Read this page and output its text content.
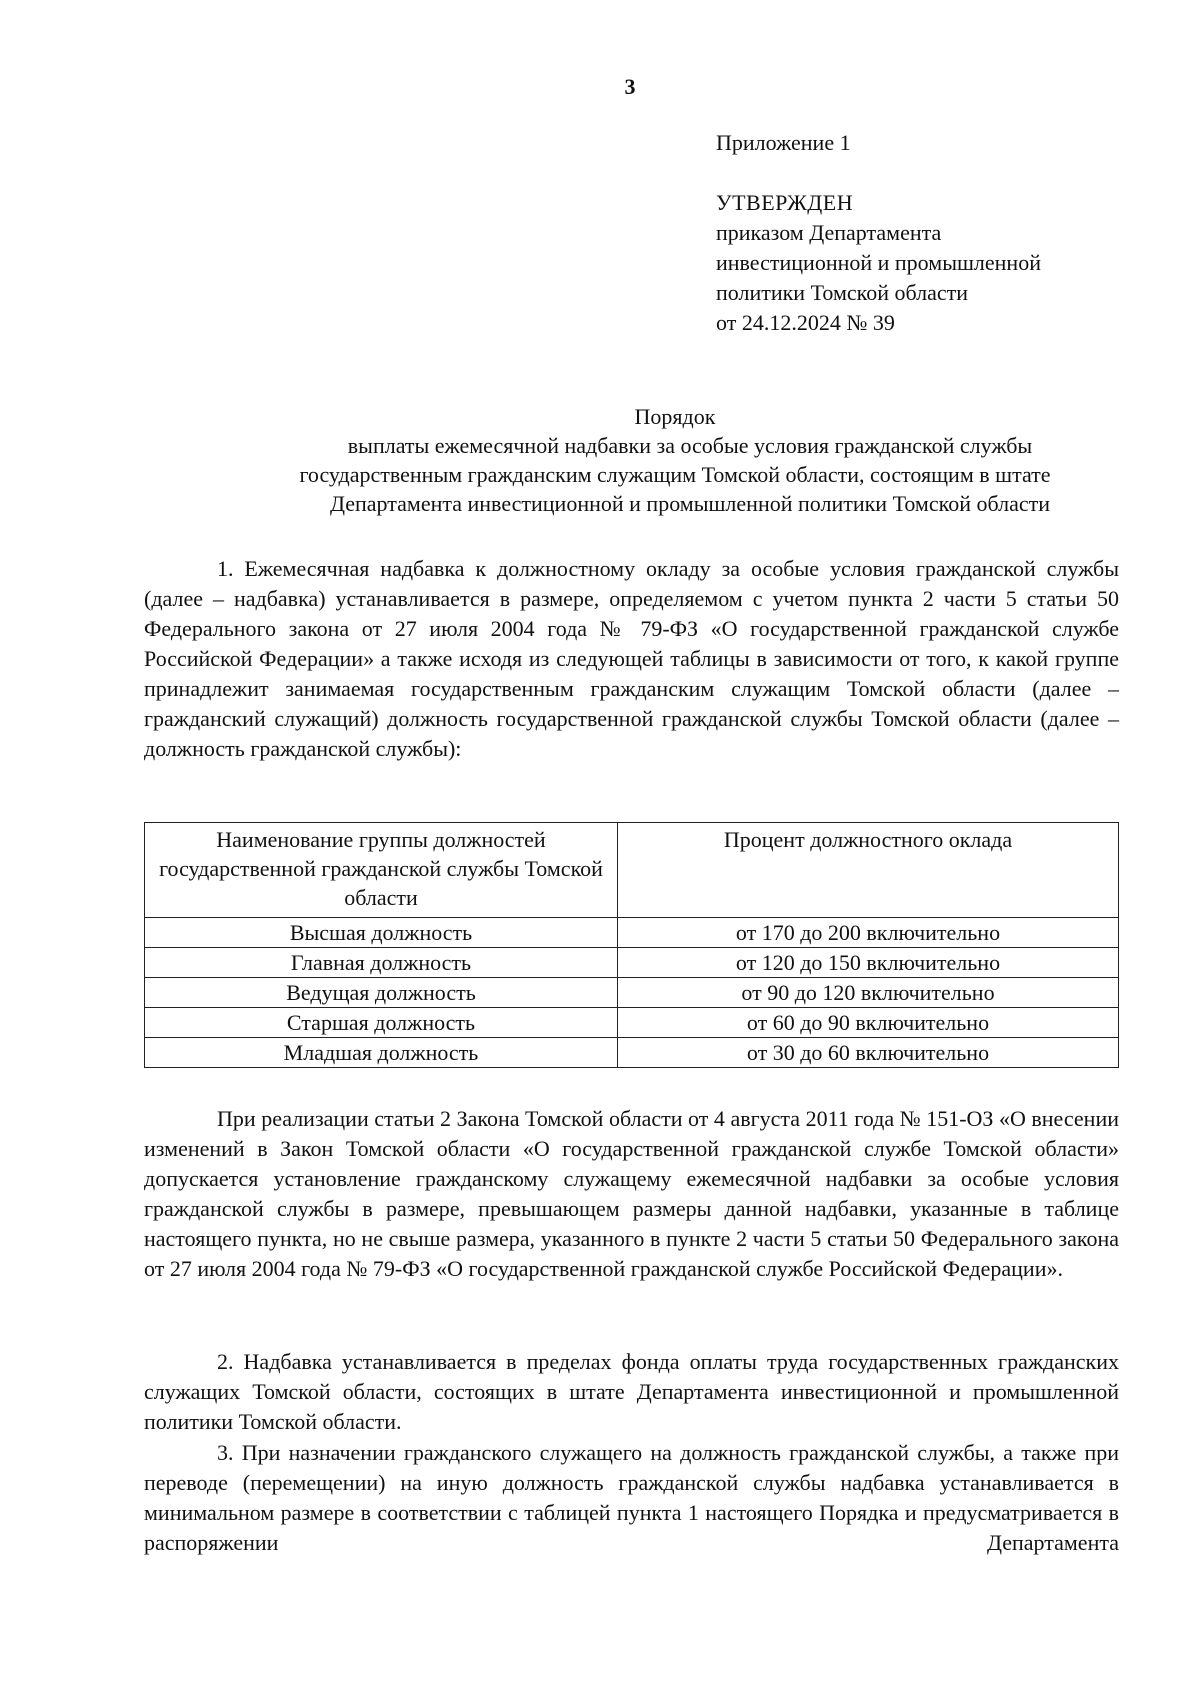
3
Приложение 1
УТВЕРЖДЕН
приказом Департамента
инвестиционной и промышленной
политики Томской области
от 24.12.2024 № 39
Порядок
выплаты ежемесячной надбавки за особые условия гражданской службы
государственным гражданским служащим Томской области, состоящим в штате
Департамента инвестиционной и промышленной политики Томской области
1. Ежемесячная надбавка к должностному окладу за особые условия гражданской службы (далее – надбавка) устанавливается в размере, определяемом с учетом пункта 2 части 5 статьи 50 Федерального закона от 27 июля 2004 года № 79-ФЗ «О государственной гражданской службе Российской Федерации» а также исходя из следующей таблицы в зависимости от того, к какой группе принадлежит занимаемая государственным гражданским служащим Томской области (далее – гражданский служащий) должность государственной гражданской службы Томской области (далее – должность гражданской службы):
Наименование группы должностей государственной гражданской службы Томской области	Процент должностного оклада
Высшая должность	от 170 до 200 включительно
Главная должность	от 120 до 150 включительно
Ведущая должность	от 90 до 120 включительно
Старшая должность	от 60 до 90 включительно
Младшая должность	от 30 до 60 включительно
При реализации статьи 2 Закона Томской области от 4 августа 2011 года № 151-ОЗ «О внесении изменений в Закон Томской области «О государственной гражданской службе Томской области» допускается установление гражданскому служащему ежемесячной надбавки за особые условия гражданской службы в размере, превышающем размеры данной надбавки, указанные в таблице настоящего пункта, но не свыше размера, указанного в пункте 2 части 5 статьи 50 Федерального закона от 27 июля 2004 года № 79-ФЗ «О государственной гражданской службе Российской Федерации».
2. Надбавка устанавливается в пределах фонда оплаты труда государственных гражданских служащих Томской области, состоящих в штате Департамента инвестиционной и промышленной политики Томской области.
3. При назначении гражданского служащего на должность гражданской службы, а также при переводе (перемещении) на иную должность гражданской службы надбавка устанавливается в минимальном размере в соответствии с таблицей пункта 1 настоящего Порядка и предусматривается в распоряжении Департамента
